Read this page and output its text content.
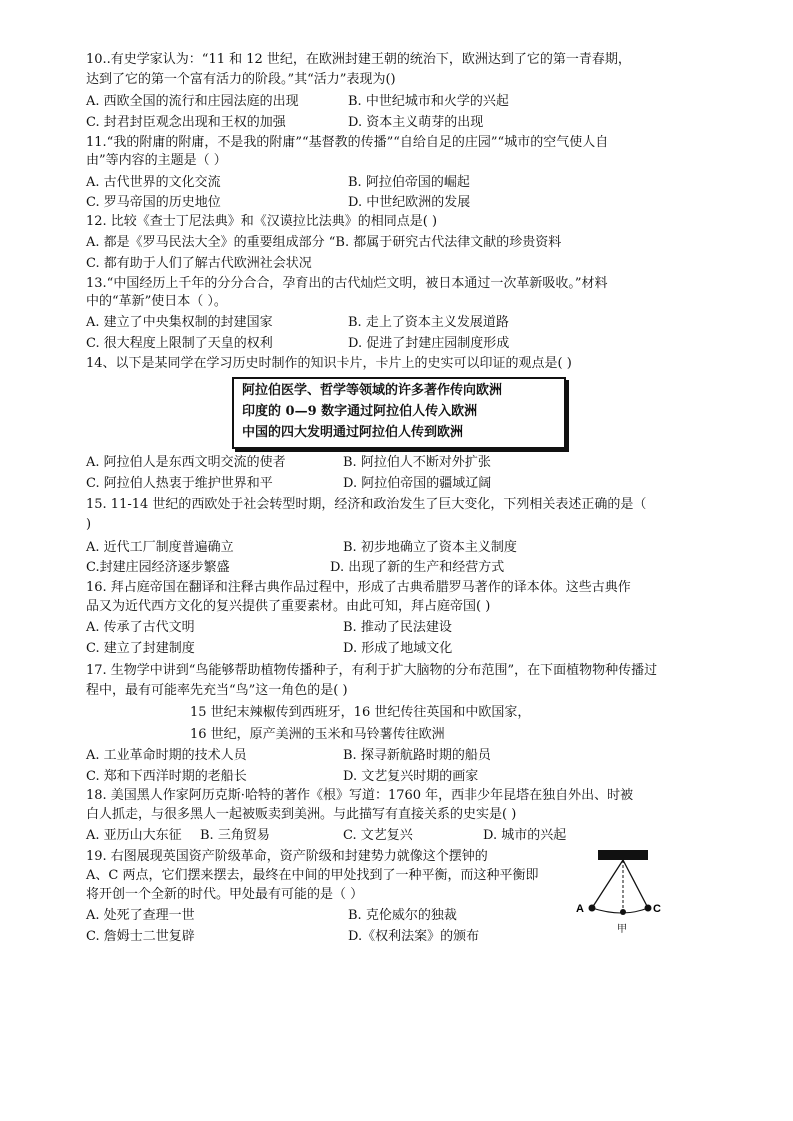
10..有史学家认为：“11 和 12 世纪，在欧洲封建王朝的统治下，欧洲达到了它的第一青春期，
达到了它的第一个富有活力的阶段。”其“活力”表现为()
A. 西欧全国的流行和庄园法庭的出现	B. 中世纪城市和火学的兴起
C. 封君封臣观念出现和王权的加强	D. 资本主义萌芽的出现
11.“我的附庸的附庸，不是我的附庸”“基督教的传播”“自给自足的庄园”“城市的空气使人自
由”等内容的主题是（ ）
A. 古代世界的文化交流	B. 阿拉伯帝国的崛起
C. 罗马帝国的历史地位	D. 中世纪欧洲的发展
12. 比较《查士丁尼法典》和《汉谟拉比法典》的相同点是( )
A. 都是《罗马民法大全》的重要组成部分 “B. 都属于研究古代法律文献的珍贵资料
C. 都有助于人们了解古代欧洲社会状况
13.“中国经历上千年的分分合合，孕育出的古代灿烂文明，被日本通过一次革新吸收。”材料
中的“革新”使日本（ ）。
A. 建立了中央集权制的封建国家	B. 走上了资本主义发展道路
C. 很大程度上限制了天皇的权利	D. 促进了封建庄园制度形成
14、以下是某同学在学习历史时制作的知识卡片，卡片上的史实可以印证的观点是( )
阿拉伯医学、哲学等领域的许多著作传向欧洲
印度的 0—9 数字通过阿拉伯人传入欧洲
中国的四大发明通过阿拉伯人传到欧洲
A. 阿拉伯人是东西文明交流的使者	B. 阿拉伯人不断对外扩张
C. 阿拉伯人热衷于维护世界和平	D. 阿拉伯帝国的疆域辽阔
15. 11-14 世纪的西欧处于社会转型时期，经济和政治发生了巨大变化，下列相关表述正确的是（
)
A. 近代工厂制度普遍确立	B. 初步地确立了资本主义制度
C.封建庄园经济逐步繁盛	D. 出现了新的生产和经营方式
16. 拜占庭帝国在翻译和注释古典作品过程中，形成了古典希腊罗马著作的译本体。这些古典作
品又为近代西方文化的复兴提供了重要素材。由此可知，拜占庭帝国( )
A. 传承了古代文明	B. 推动了民法建设
C. 建立了封建制度	D. 形成了地域文化
17. 生物学中讲到“鸟能够帮助植物传播种子，有利于扩大脑物的分布范围”，在下面植物物种传播过
程中，最有可能率先充当“鸟”这一角色的是( )
15 世纪末辣椒传到西班牙，16 世纪传往英国和中欧国家，
16 世纪，原产美洲的玉米和马铃薯传往欧洲
A. 工业革命时期的技术人员	B. 探寻新航路时期的船员
C. 郑和下西洋时期的老船长	D. 文艺复兴时期的画家
18. 美国黑人作家阿历克斯·哈特的著作《根》写道：1760 年，西非少年昆塔在独自外出、时被
白人抓走，与很多黑人一起被贩卖到美洲。与此描写有直接关系的史实是( )
A. 亚历山大东征 B. 三角贸易	C. 文艺复兴	D. 城市的兴起
19. 右图展现英国资产阶级革命，资产阶级和封建势力就像这个摆钟的
A、C 两点，它们摆来摆去，最终在中间的甲处找到了一种平衡，而这种平衡即
将开创一个全新的时代。甲处最有可能的是（ ）
A. 处死了查理一世	B. 克伦威尔的独裁
C. 詹姆士二世复辟	D.《权利法案》的颁布
A	C
甲
